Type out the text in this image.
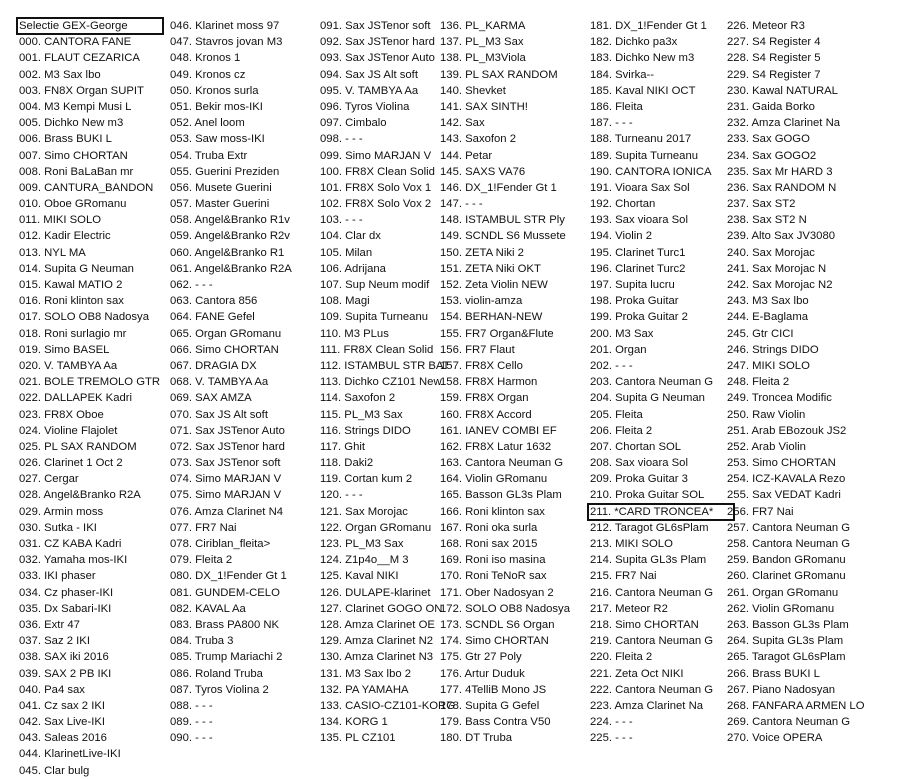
Selectie GEX-George
000. CANTORA FANE
001. FLAUT CEZARICA
002. M3 Sax lbo
003. FN8X Organ SUPIT
004. M3 Kempi Musi L
005. Dichko New m3
006. Brass BUKI L
007. Simo CHORTAN
008. Roni BaLaBan mr
009. CANTURA_BANDON
010. Oboe GRomanu
011. MIKI SOLO
012. Kadir Electric
013. NYL MA
014. Supita G Neuman
015. Kawal MATIO 2
016. Roni klinton sax
017. SOLO OB8 Nadosya
018. Roni surlagio mr
019. Simo BASEL
020. V. TAMBYA Aa
021. BOLE TREMOLO GTR
022. DALLAPEK Kadri
023. FR8X Oboe
024. Violine Flajolet
025. PL SAX RANDOM
026. Clarinet 1 Oct 2
027. Cergar
028. Angel&Branko R2A
029. Armin moss
030. Sutka - IKI
031. CZ KABA Kadri
032. Yamaha mos-IKI
033. IKI phaser
034. Cz phaser-IKI
035. Dx Sabari-IKI
036. Extr 47
037. Saz 2 IKI
038. SAX iki 2016
039. SAX 2 PB IKI
040. Pa4 sax
041. Cz sax 2 IKI
042. Sax Live-IKI
043. Saleas 2016
044. KlarinetLive-IKI
045. Clar bulg
046. Klarinet moss 97
047. Stavros jovan M3
048. Kronos 1
049. Kronos cz
050. Kronos surla
051. Bekir mos-IKI
052. Anel loom
053. Saw moss-IKI
054. Truba Extr
055. Guerini Preziden
056. Musete Guerini
057. Master Guerini
058. Angel&Branko R1v
059. Angel&Branko R2v
060. Angel&Branko R1
061. Angel&Branko R2A
062. - - -
063. Cantora 856
064. FANE Gefel
065. Organ GRomanu
066. Simo CHORTAN
067. DRAGIA DX
068. V. TAMBYA Aa
069. SAX AMZA
070. Sax JS Alt soft
071. Sax JSTenor Auto
072. Sax JSTenor hard
073. Sax JSTenor soft
074. Simo MARJAN V
075. Simo MARJAN V
076. Amza Clarinet N4
077. FR7 Nai
078. Ciriblan_fleita>
079. Fleita 2
080. DX_1!Fender Gt 1
081. GUNDEM-CELO
082. KAVAL Aa
083. Brass PA800 NK
084. Truba 3
085. Trump Mariachi 2
086. Roland Truba
087. Tyros Violina 2
088. - - -
089. - - -
090. - - -
091. Sax JSTenor soft
092. Sax JSTenor hard
093. Sax JSTenor Auto
094. Sax JS Alt soft
095. V. TAMBYA Aa
096. Tyros Violina
097. Cimbalo
098. - - -
099. Simo MARJAN V
100. FR8X Clean Solid
101. FR8X Solo Vox 1
102. FR8X Solo Vox 2
103. - - -
104. Clar dx
105. Milan
106. Adrijana
107. Sup Neum modif
108. Magi
109. Supita Turneanu
110. M3 PLus
111. FR8X Clean Solid
112. ISTAMBUL STR BAT
113. Dichko CZ101 New
114. Saxofon 2
115. PL_M3 Sax
116. Strings DIDO
117. Ghit
118. Daki2
119. Cortan kum 2
120. - - -
121. Sax Morojac
122. Organ GRomanu
123. PL_M3 Sax
124. Z1p4o__M 3
125. Kaval NIKI
126. DULAPE-klarinet
127. Clarinet GOGO ON
128. Amza Clarinet OE
129. Amza Clarinet N2
130. Amza Clarinet N3
131. M3 Sax lbo 2
132. PA YAMAHA
133. CASIO-CZ101-KORG
134. KORG 1
135. PL CZ101
136. PL_KARMA
137. PL_M3 Sax
138. PL_M3Viola
139. PL SAX RANDOM
140. Shevket
141. SAX SINTH!
142. Sax
143. Saxofon 2
144. Petar
145. SAXS VA76
146. DX_1!Fender Gt 1
147. - - -
148. ISTAMBUL STR Ply
149. SCNDL S6 Mussete
150. ZETA Niki 2
151. ZETA Niki OKT
152. Zeta Violin NEW
153. violin-amza
154. BERHAN-NEW
155. FR7 Organ&Flute
156. FR7 Flaut
157. FR8X Cello
158. FR8X Harmon
159. FR8X Organ
160. FR8X Accord
161. IANEV COMBI EF
162. FR8X Latur 1632
163. Cantora Neuman G
164. Violin GRomanu
165. Basson GL3s Plam
166. Roni klinton sax
167. Roni oka surla
168. Roni sax 2015
169. Roni iso masina
170. Roni TeNoR sax
171. Ober Nadosyan 2
172. SOLO OB8 Nadosya
173. SCNDL S6 Organ
174. Simo CHORTAN
175. Gtr 27 Poly
176. Artur Duduk
177. 4TelliB Mono JS
178. Supita G Gefel
179. Bass Contra V50
180. DT Truba
181. DX_1!Fender Gt 1
182. Dichko pa3x
183. Dichko New m3
184. Svirka--
185. Kaval NIKI OCT
186. Fleita
187. - - -
188. Turneanu 2017
189. Supita Turneanu
190. CANTORA IONICA
191. Vioara Sax Sol
192. Chortan
193. Sax vioara Sol
194. Violin 2
195. Clarinet Turc1
196. Clarinet Turc2
197. Supita lucru
198. Proka Guitar
199. Proka Guitar 2
200. M3 Sax
201. Organ
202. - - -
203. Cantora Neuman G
204. Supita G Neuman
205. Fleita
206. Fleita 2
207. Chortan SOL
208. Sax vioara Sol
209. Proka Guitar 3
210. Proka Guitar SOL
211. *CARD TRONCEA*
212. Taragot GL6sPlam
213. MIKI SOLO
214. Supita GL3s Plam
215. FR7 Nai
216. Cantora Neuman G
217. Meteor R2
218. Simo CHORTAN
219. Cantora Neuman G
220. Fleita 2
221. Zeta Oct NIKI
222. Cantora Neuman G
223. Amza Clarinet Na
224. - - -
225. - - -
226. Meteor R3
227. S4 Register 4
228. S4 Register 5
229. S4 Register 7
230. Kawal NATURAL
231. Gaida Borko
232. Amza Clarinet Na
233. Sax GOGO
234. Sax GOGO2
235. Sax Mr HARD 3
236. Sax RANDOM N
237. Sax ST2
238. Sax ST2 N
239. Alto Sax JV3080
240. Sax Morojac
241. Sax Morojac N
242. Sax Morojac N2
243. M3 Sax lbo
244. E-Baglama
245. Gtr CICI
246. Strings DIDO
247. MIKI SOLO
248. Fleita 2
249. Troncea Modific
250. Raw Violin
251. Arab EBozouk JS2
252. Arab Violin
253. Simo CHORTAN
254. ICZ-KAVALA Rezo
255. Sax VEDAT Kadri
256. FR7 Nai
257. Cantora Neuman G
258. Cantora Neuman G
259. Bandon GRomanu
260. Clarinet GRomanu
261. Organ GRomanu
262. Violin GRomanu
263. Basson GL3s Plam
264. Supita GL3s Plam
265. Taragot GL6sPlam
266. Brass BUKI L
267. Piano Nadosyan
268. FANFARA ARMEN LO
269. Cantora Neuman G
270. Voice OPERA
